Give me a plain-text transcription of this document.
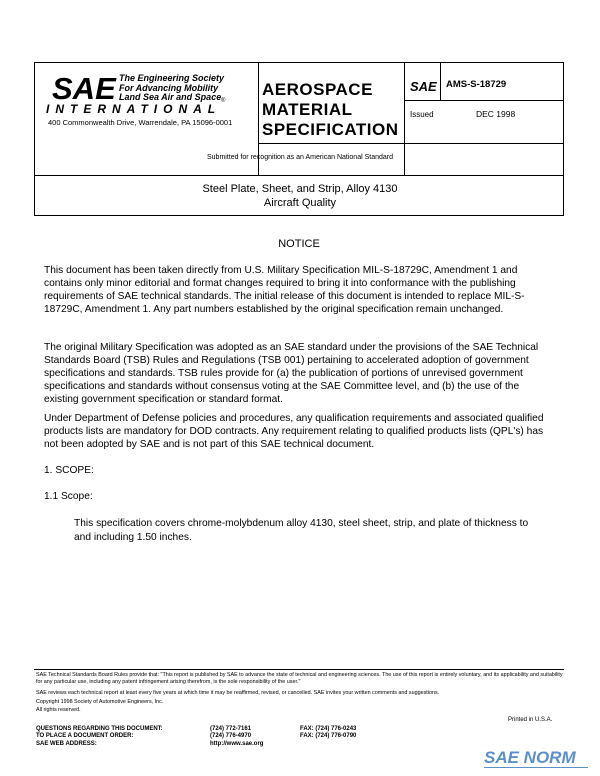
SAE The Engineering Society
For Advancing Mobility
Land Sea Air and Space ®
INTERNATIONAL
400 Commonwealth Drive, Warrendale, PA 15096-0001
AEROSPACE
MATERIAL
SPECIFICATION
SAE AMS-S-18729
Issued	DEC 1998
Submitted for recognition as an American National Standard
Steel Plate, Sheet, and Strip, Alloy 4130
Aircraft Quality
NOTICE
This document has been taken directly from U.S. Military Specification MIL-S-18729C, Amendment 1 and contains only minor editorial and format changes required to bring it into conformance with the publishing requirements of SAE technical standards. The initial release of this document is intended to replace MIL-S-18729C, Amendment 1. Any part numbers established by the original specification remain unchanged.
The original Military Specification was adopted as an SAE standard under the provisions of the SAE Technical Standards Board (TSB) Rules and Regulations (TSB 001) pertaining to accelerated adoption of government specifications and standards. TSB rules provide for (a) the publication of portions of unrevised government specifications and standards without consensus voting at the SAE Committee level, and (b) the use of the existing government specification or standard format.
Under Department of Defense policies and procedures, any qualification requirements and associated qualified products lists are mandatory for DOD contracts. Any requirement relating to qualified products lists (QPL's) has not been adopted by SAE and is not part of this SAE technical document.
1. SCOPE:
1.1 Scope:
This specification covers chrome-molybdenum alloy 4130, steel sheet, strip, and plate of thickness to and including 1.50 inches.
SAE Technical Standards Board Rules provide that: "This report is published by SAE to advance the state of technical and engineering sciences. The use of this report is entirely voluntary, and its applicability and suitability for any particular use, including any patent infringement arising therefrom, is the sole responsibility of the user."
SAE reviews each technical report at least every five years at which time it may be reaffirmed, revised, or cancelled. SAE invites your written comments and suggestions.
Copyright 1998 Society of Automotive Engineers, Inc.
All rights reserved.
Printed in U.S.A.
QUESTIONS REGARDING THIS DOCUMENT:
TO PLACE A DOCUMENT ORDER:
SAE WEB ADDRESS:
(724) 772-7161
(724) 776-4970
http://www.sae.org
FAX: (724) 776-0243
FAX: (724) 776-0790
SAE NORM
